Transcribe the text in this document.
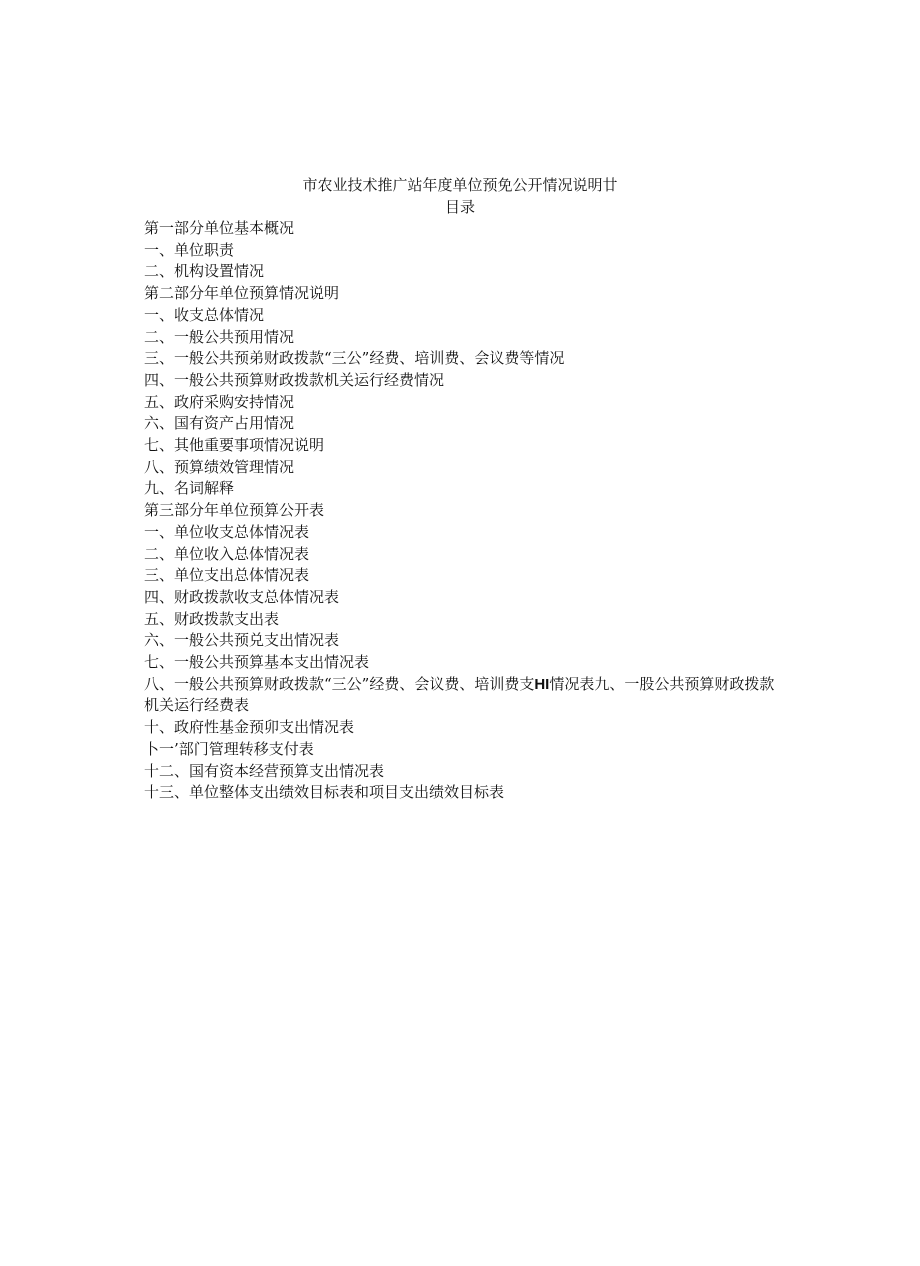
市农业技术推广站年度单位预免公开情况说明廿
目录
第一部分单位基本概况
一、单位职责
二、机构设置情况
第二部分年单位预算情况说明
一、收支总体情况
二、一般公共预用情况
三、一般公共预弟财政拨款“三公”经费、培训费、会议费等情况
四、一般公共预算财政拨款机关运行经费情况
五、政府采购安持情况
六、国有资产占用情况
七、其他重要事项情况说明
八、预算绩效管理情况
九、名词解释
第三部分年单位预算公开表
一、单位收支总体情况表
二、单位收入总体情况表
三、单位支出总体情况表
四、财政拨款收支总体情况表
五、财政拨款支出表
六、一般公共预兑支出情况表
七、一般公共预算基本支出情况表
八、一般公共预算财政拨款“三公”经费、会议费、培训费支HI情况表九、一股公共预算财政拨款机关运行经费表
十、政府性基金预卯支出情况表
卜一’部门管理转移支付表
十二、国有资本经营预算支出情况表
十三、单位整体支出绩效目标表和项目支出绩效目标表
